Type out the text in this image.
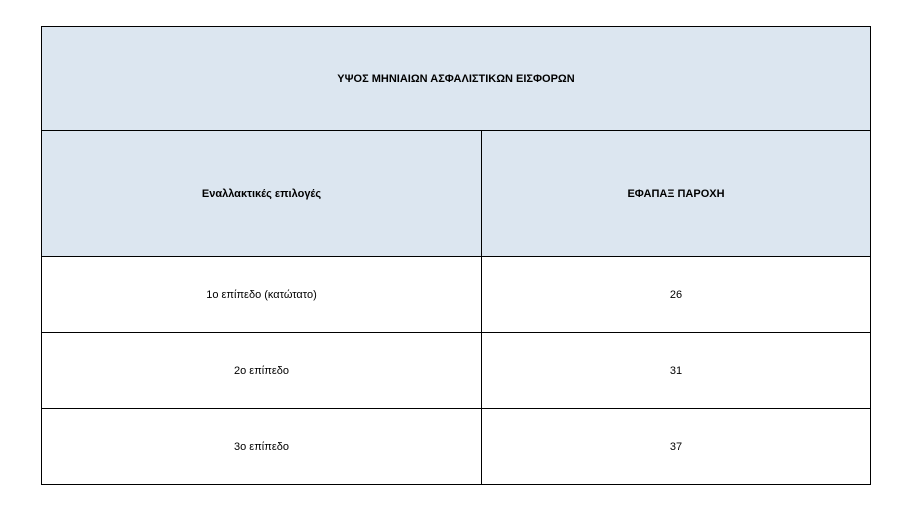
ΥΨΟΣ ΜΗΝΙΑΙΩΝ ΑΣΦΑΛΙΣΤΙΚΩΝ ΕΙΣΦΟΡΩΝ	
Εναλλακτικές επιλογές	ΕΦΑΠΑΞ ΠΑΡΟΧΗ
1ο επίπεδο (κατώτατο)	26
2ο επίπεδο	31
3ο επίπεδο	37
